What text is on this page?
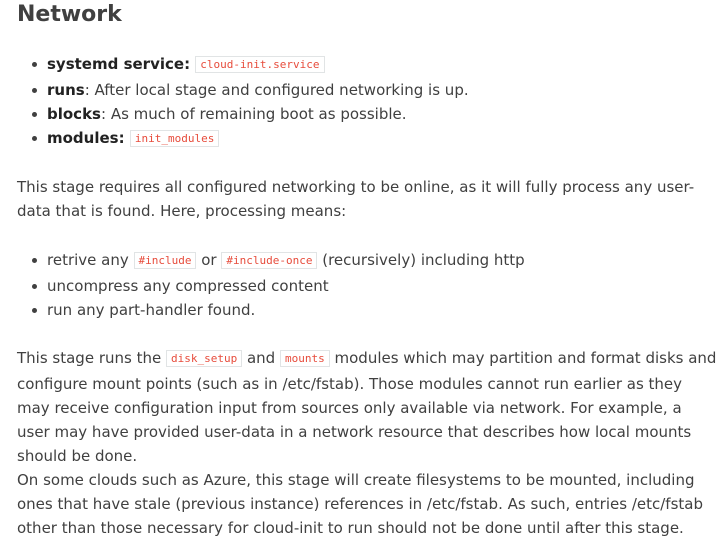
Network
systemd service: cloud-init.service
runs: After local stage and configured networking is up.
blocks: As much of remaining boot as possible.
modules: init_modules

This stage requires all configured networking to be online, as it will fully process any user-data that is found. Here, processing means:

retrive any #include or #include-once (recursively) including http
uncompress any compressed content
run any part-handler found.

This stage runs the disk_setup and mounts modules which may partition and format disks and configure mount points (such as in /etc/fstab). Those modules cannot run earlier as they may receive configuration input from sources only available via network. For example, a user may have provided user-data in a network resource that describes how local mounts should be done.

On some clouds such as Azure, this stage will create filesystems to be mounted, including ones that have stale (previous instance) references in /etc/fstab. As such, entries /etc/fstab other than those necessary for cloud-init to run should not be done until after this stage.
